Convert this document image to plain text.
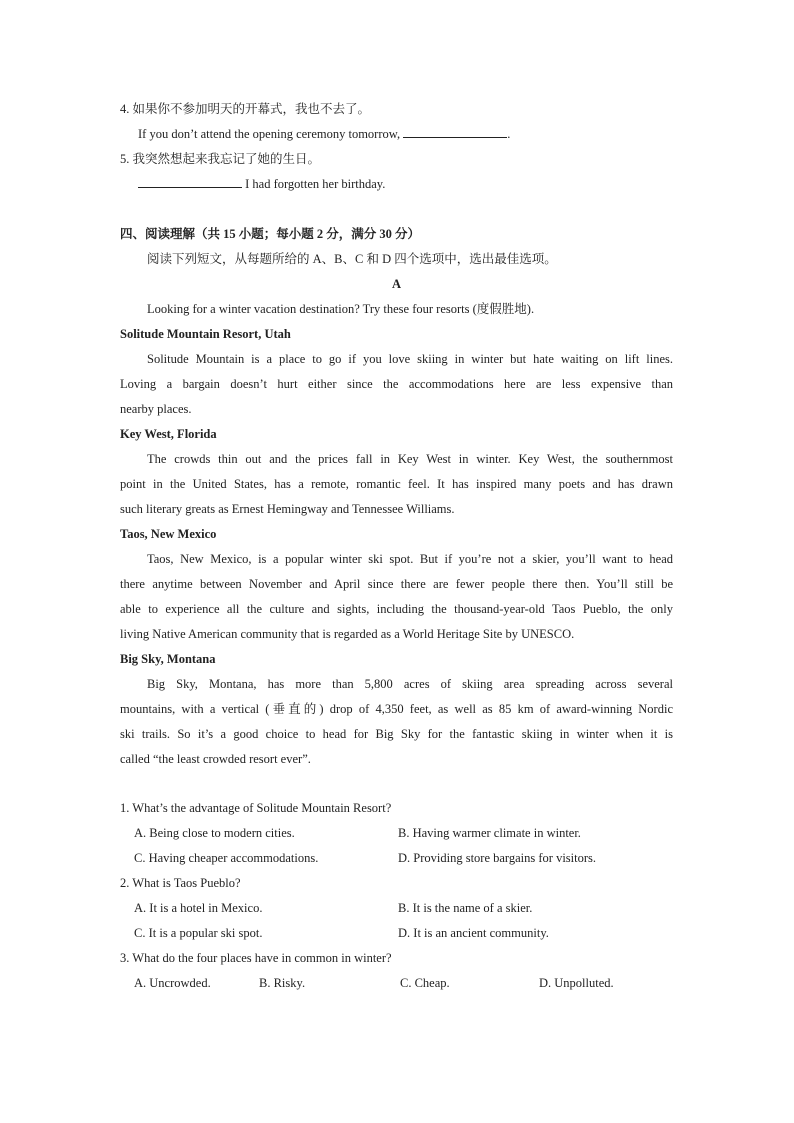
4. 如果你不参加明天的开幕式，我也不去了。
If you don’t attend the opening ceremony tomorrow,	.
5. 我突然想起来我忘记了她的生日。
I had forgotten her birthday.
四、阅读理解（共 15 小题；每小题 2 分，满分 30 分）
阅读下列短文，从每题所给的 A、B、C 和 D 四个选项中，选出最佳选项。
A
Looking for a winter vacation destination? Try these four resorts (度假胜地).
Solitude Mountain Resort, Utah
Solitude Mountain is a place to go if you love skiing in winter but hate waiting on lift lines.
Loving a bargain doesn’t hurt either since the accommodations here are less expensive than
nearby places.
Key West, Florida
The crowds thin out and the prices fall in Key West in winter. Key West, the southernmost
point in the United States, has a remote, romantic feel. It has inspired many poets and has drawn
such literary greats as Ernest Hemingway and Tennessee Williams.
Taos, New Mexico
Taos, New Mexico, is a popular winter ski spot. But if you’re not a skier, you’ll want to head
there anytime between November and April since there are fewer people there then. You’ll still be
able to experience all the culture and sights, including the thousand-year-old Taos Pueblo, the only
living Native American community that is regarded as a World Heritage Site by UNESCO.
Big Sky, Montana
Big Sky, Montana, has more than 5,800 acres of skiing area spreading across several
mountains, with a vertical (垂直的) drop of 4,350 feet, as well as 85 km of award-winning Nordic
ski trails. So it’s a good choice to head for Big Sky for the fantastic skiing in winter when it is
called “the least crowded resort ever”.
1. What’s the advantage of Solitude Mountain Resort?
A. Being close to modern cities.	B. Having warmer climate in winter.
C. Having cheaper accommodations.	D. Providing store bargains for visitors.
2. What is Taos Pueblo?
A. It is a hotel in Mexico.	B. It is the name of a skier.
C. It is a popular ski spot.	D. It is an ancient community.
3. What do the four places have in common in winter?
A. Uncrowded.	B. Risky.	C. Cheap.	D. Unpolluted.
